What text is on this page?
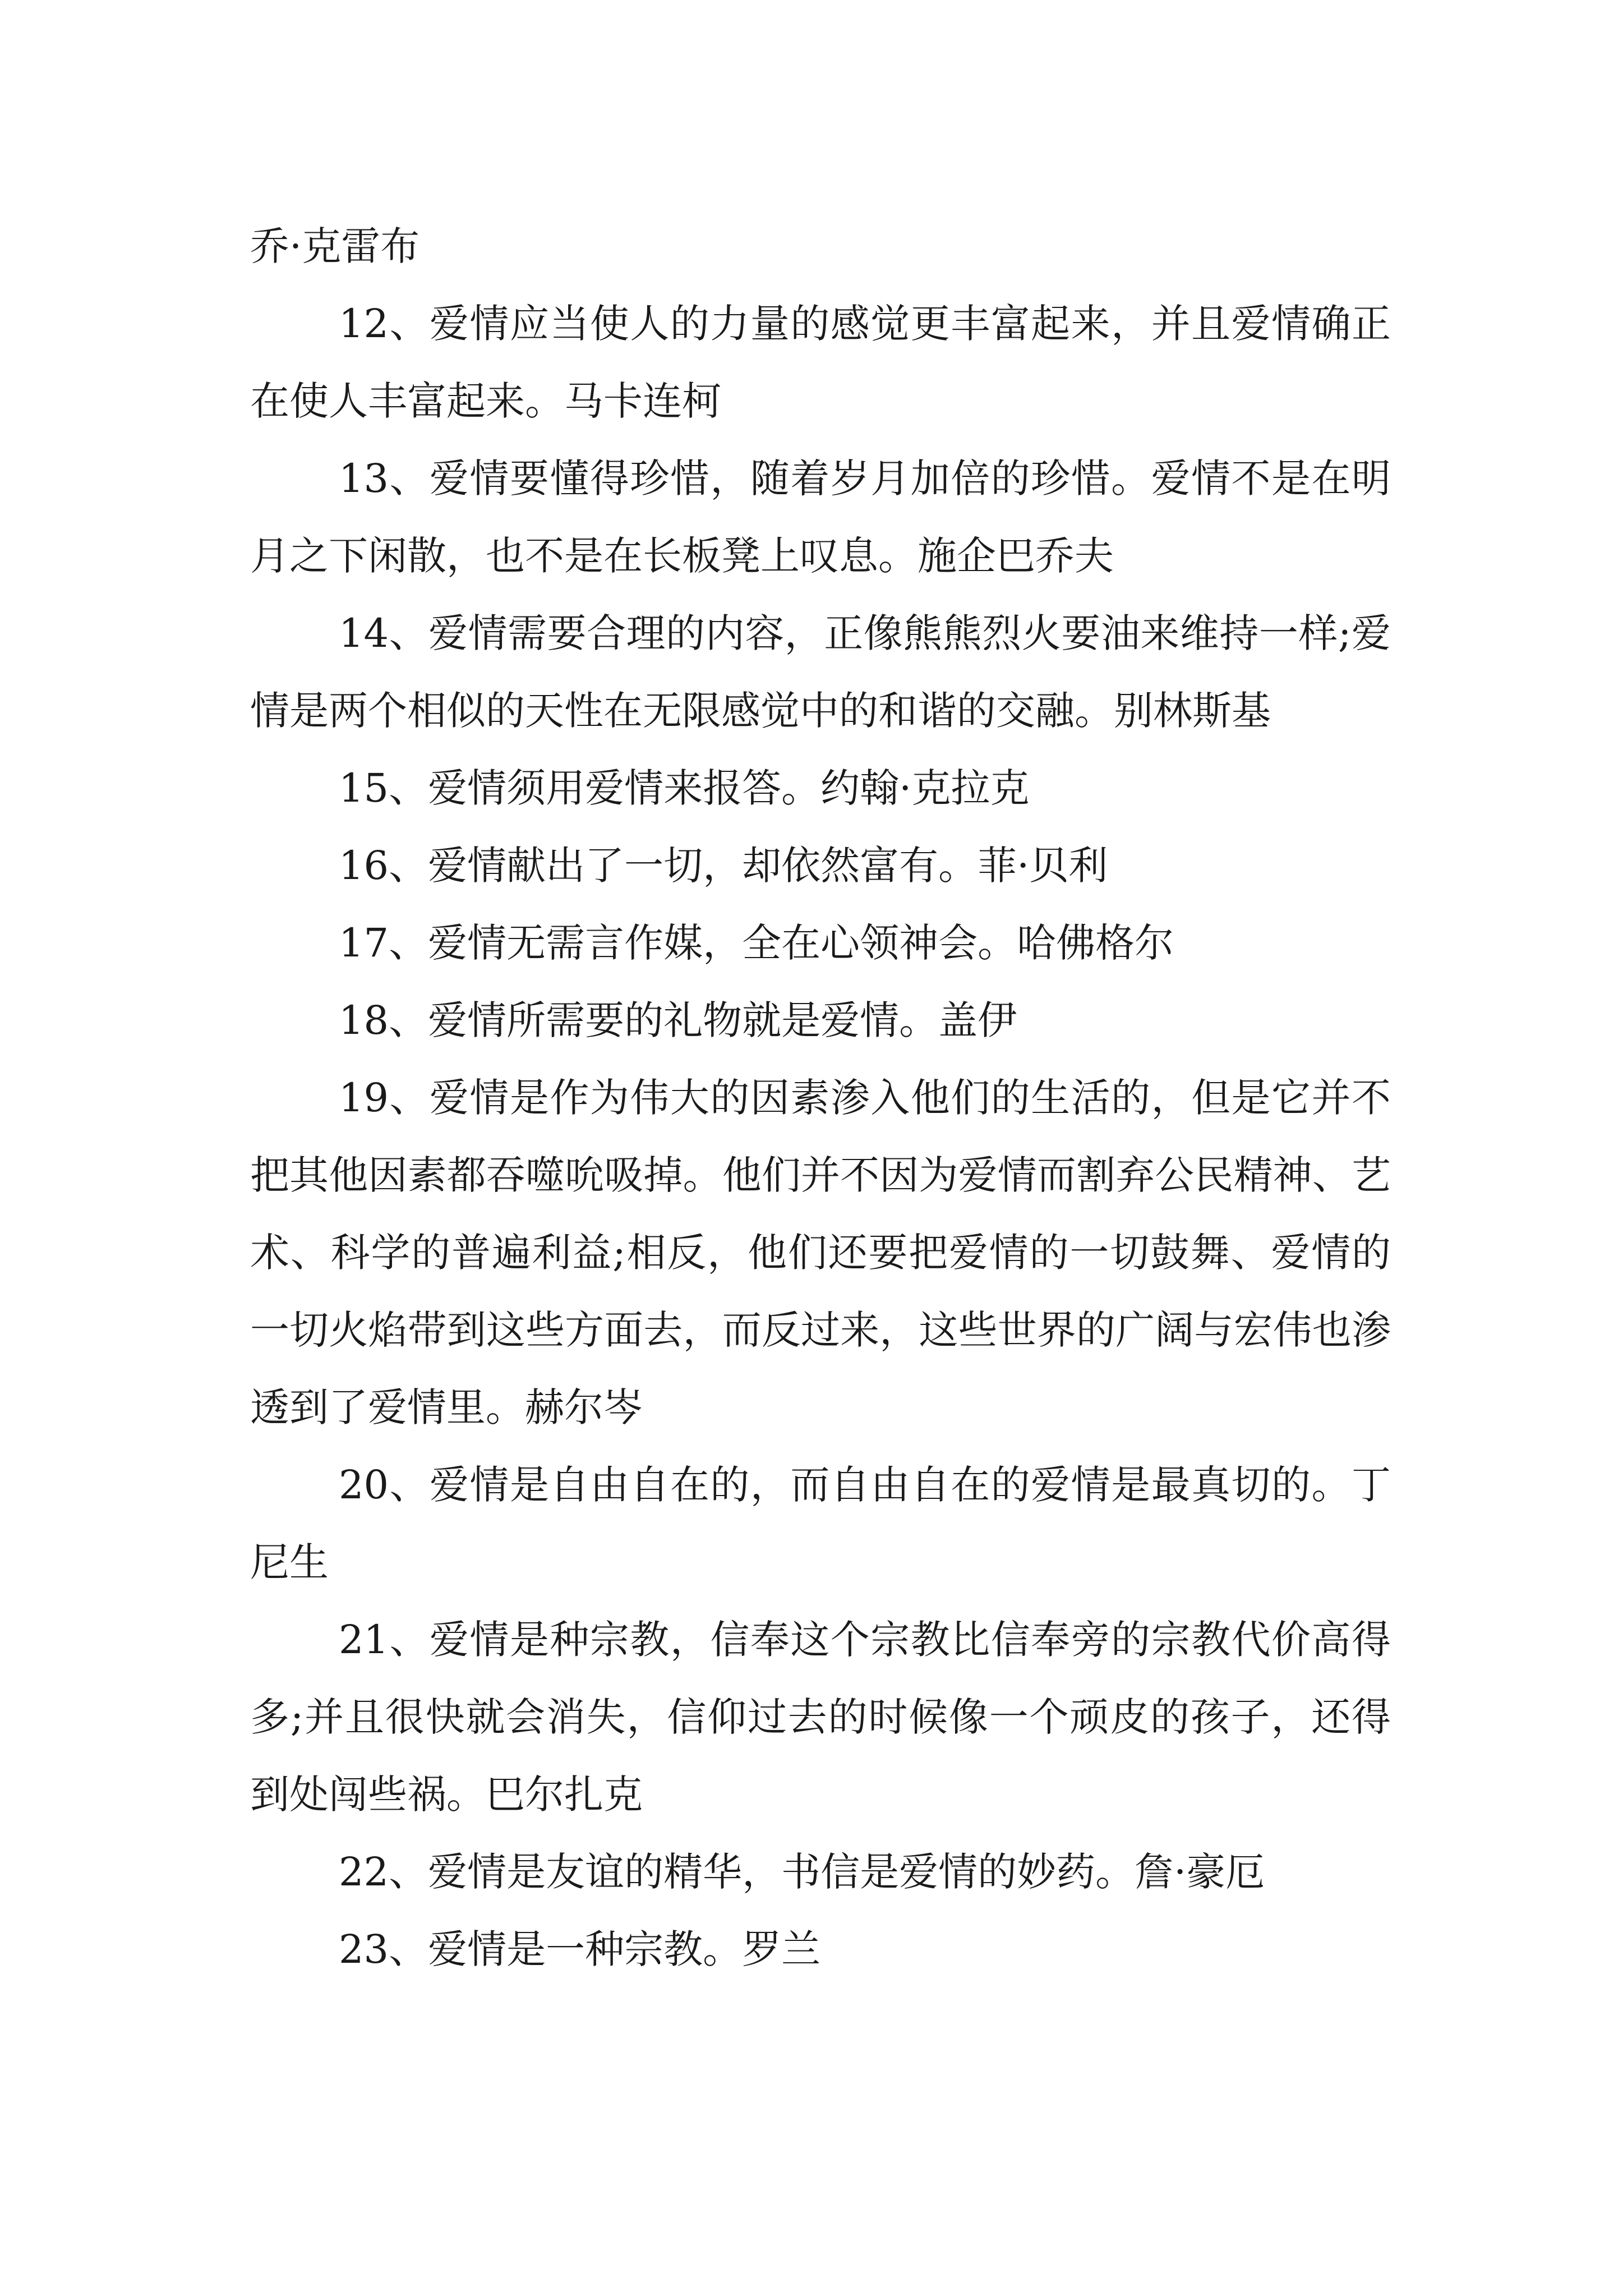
乔·克雷布

12、爱情应当使人的力量的感觉更丰富起来，并且爱情确正在使人丰富起来。马卡连柯

13、爱情要懂得珍惜，随着岁月加倍的珍惜。爱情不是在明月之下闲散，也不是在长板凳上叹息。施企巴乔夫

14、爱情需要合理的内容，正像熊熊烈火要油来维持一样;爱情是两个相似的天性在无限感觉中的和谐的交融。别林斯基

15、爱情须用爱情来报答。约翰·克拉克

16、爱情献出了一切，却依然富有。菲·贝利

17、爱情无需言作媒，全在心领神会。哈佛格尔

18、爱情所需要的礼物就是爱情。盖伊

19、爱情是作为伟大的因素渗入他们的生活的，但是它并不把其他因素都吞噬吮吸掉。他们并不因为爱情而割弃公民精神、艺术、科学的普遍利益;相反，他们还要把爱情的一切鼓舞、爱情的一切火焰带到这些方面去，而反过来，这些世界的广阔与宏伟也渗透到了爱情里。赫尔岑

20、爱情是自由自在的，而自由自在的爱情是最真切的。丁尼生

21、爱情是种宗教，信奉这个宗教比信奉旁的宗教代价高得多;并且很快就会消失，信仰过去的时候像一个顽皮的孩子，还得到处闯些祸。巴尔扎克

22、爱情是友谊的精华，书信是爱情的妙药。詹·豪厄

23、爱情是一种宗教。罗兰
